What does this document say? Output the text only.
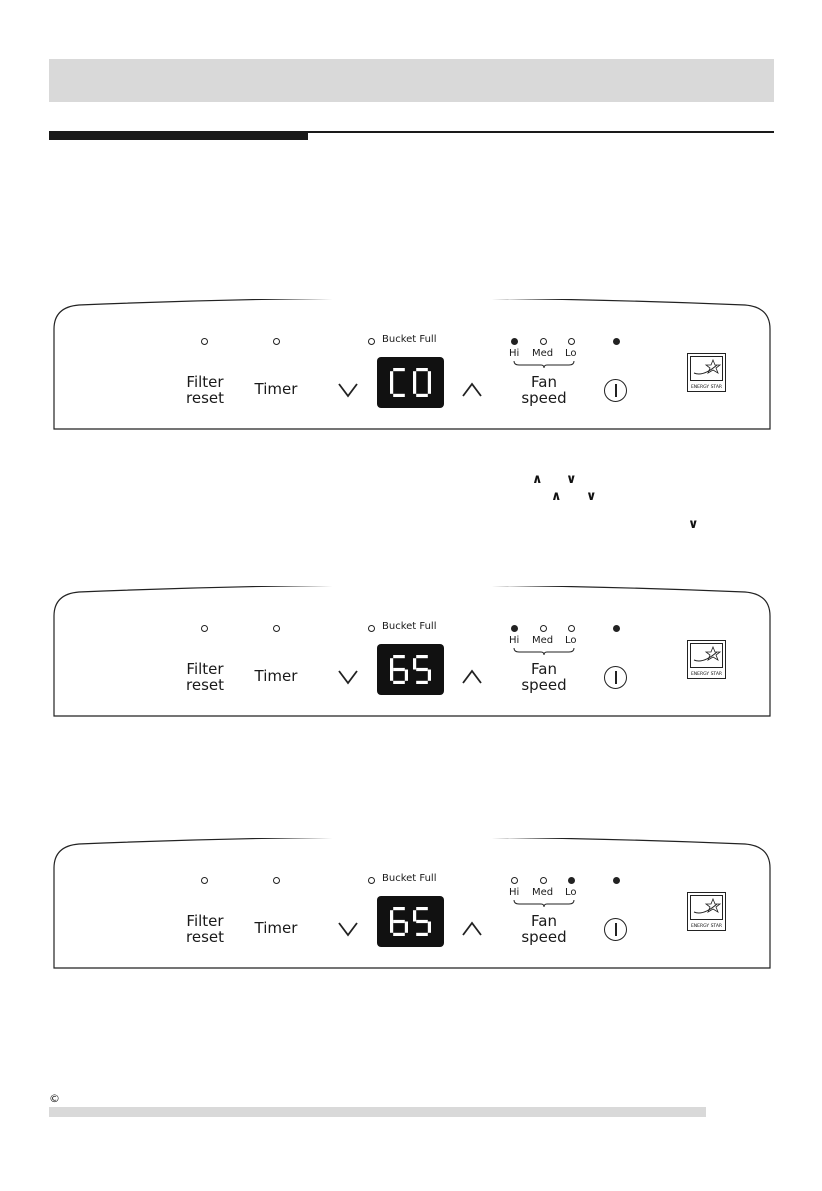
Bucket Full
Hi Med Lo
Filter
reset	Timer	Fan
speed
ENERGY STAR
Bucket Full
Hi Med Lo
Filter
reset	Timer	Fan
speed
ENERGY STAR
Bucket Full
Hi Med Lo
Filter
reset	Timer	Fan
speed
ENERGY STAR
∧ ∨
∧ ∨
∨
©
